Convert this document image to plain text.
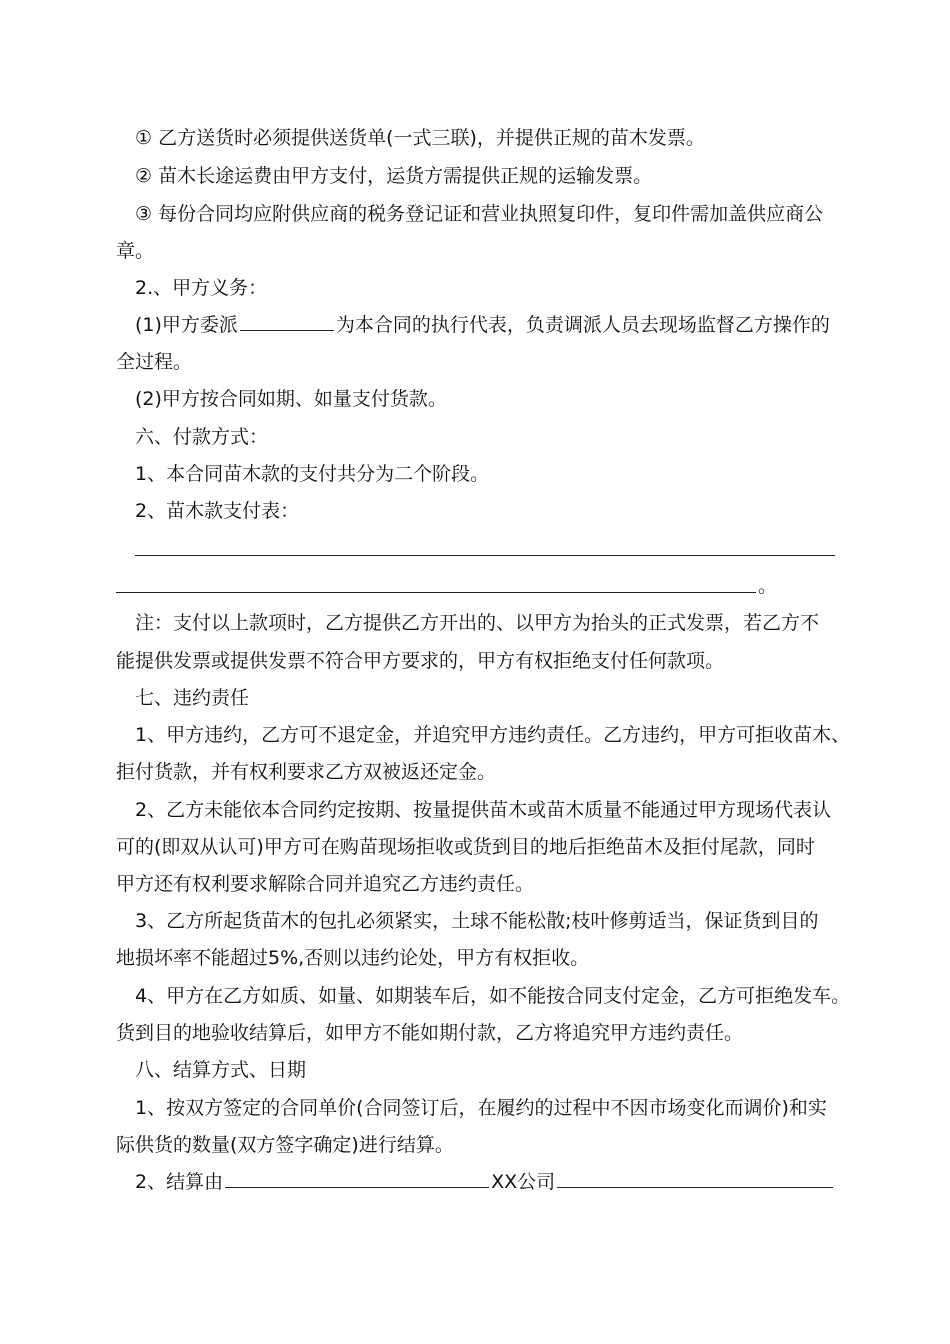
① 乙方送货时必须提供送货单(一式三联)，并提供正规的苗木发票。

② 苗木长途运费由甲方支付，运货方需提供正规的运输发票。

③ 每份合同均应附供应商的税务登记证和营业执照复印件，复印件需加盖供应商公

章。

2.、甲方义务：

(1)甲方委派	为本合同的执行代表，负责调派人员去现场监督乙方操作的

全过程。

(2)甲方按合同如期、如量支付货款。

六、付款方式：

1、本合同苗木款的支付共分为二个阶段。

2、苗木款支付表：

。

注：支付以上款项时，乙方提供乙方开出的、以甲方为抬头的正式发票，若乙方不

能提供发票或提供发票不符合甲方要求的，甲方有权拒绝支付任何款项。

七、违约责任

1、甲方违约，乙方可不退定金，并追究甲方违约责任。乙方违约，甲方可拒收苗木、

拒付货款，并有权利要求乙方双被返还定金。

2、乙方未能依本合同约定按期、按量提供苗木或苗木质量不能通过甲方现场代表认

可的(即双从认可)甲方可在购苗现场拒收或货到目的地后拒绝苗木及拒付尾款，同时

甲方还有权利要求解除合同并追究乙方违约责任。

3、乙方所起货苗木的包扎必须紧实，土球不能松散;枝叶修剪适当，保证货到目的

地损坏率不能超过5%,否则以违约论处，甲方有权拒收。

4、甲方在乙方如质、如量、如期装车后，如不能按合同支付定金，乙方可拒绝发车。

货到目的地验收结算后，如甲方不能如期付款，乙方将追究甲方违约责任。

八、结算方式、日期

1、按双方签定的合同单价(合同签订后，在履约的过程中不因市场变化而调价)和实

际供货的数量(双方签字确定)进行结算。

2、结算由	XX公司
